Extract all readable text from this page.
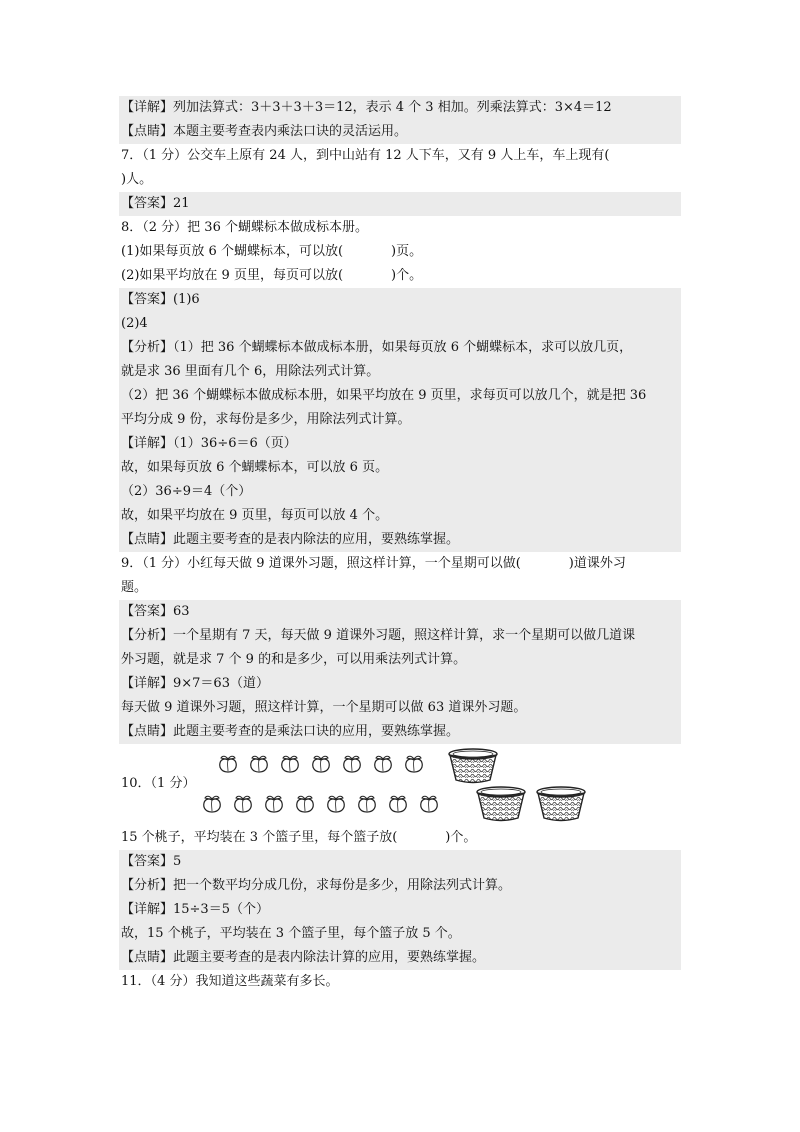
【详解】列加法算式：3＋3＋3＋3＝12，表示 4 个 3 相加。列乘法算式：3×4＝12
【点睛】本题主要考查表内乘法口诀的灵活运用。
7．（1 分）公交车上原有 24 人，到中山站有 12 人下车，又有 9 人上车，车上现有(
)人。
【答案】21
8．（2 分）把 36 个蝴蝶标本做成标本册。
(1)如果每页放 6 个蝴蝶标本，可以放(	)页。
(2)如果平均放在 9 页里，每页可以放(	)个。
【答案】(1)6
(2)4
【分析】（1）把 36 个蝴蝶标本做成标本册，如果每页放 6 个蝴蝶标本，求可以放几页，
就是求 36 里面有几个 6，用除法列式计算。
（2）把 36 个蝴蝶标本做成标本册，如果平均放在 9 页里，求每页可以放几个，就是把 36
平均分成 9 份，求每份是多少，用除法列式计算。
【详解】（1）36÷6＝6（页）
故，如果每页放 6 个蝴蝶标本，可以放 6 页。
（2）36÷9＝4（个）
故，如果平均放在 9 页里，每页可以放 4 个。
【点睛】此题主要考查的是表内除法的应用，要熟练掌握。
9．（1 分）小红每天做 9 道课外习题，照这样计算，一个星期可以做(	)道课外习
题。
【答案】63
【分析】一个星期有 7 天，每天做 9 道课外习题，照这样计算，求一个星期可以做几道课
外习题，就是求 7 个 9 的和是多少，可以用乘法列式计算。
【详解】9×7＝63（道）
每天做 9 道课外习题，照这样计算，一个星期可以做 63 道课外习题。
【点睛】此题主要考查的是乘法口诀的应用，要熟练掌握。
10．（1 分）
15 个桃子，平均装在 3 个篮子里，每个篮子放(	)个。
【答案】5
【分析】把一个数平均分成几份，求每份是多少，用除法列式计算。
【详解】15÷3＝5（个）
故，15 个桃子，平均装在 3 个篮子里，每个篮子放 5 个。
【点睛】此题主要考查的是表内除法计算的应用，要熟练掌握。
11．（4 分）我知道这些蔬菜有多长。
